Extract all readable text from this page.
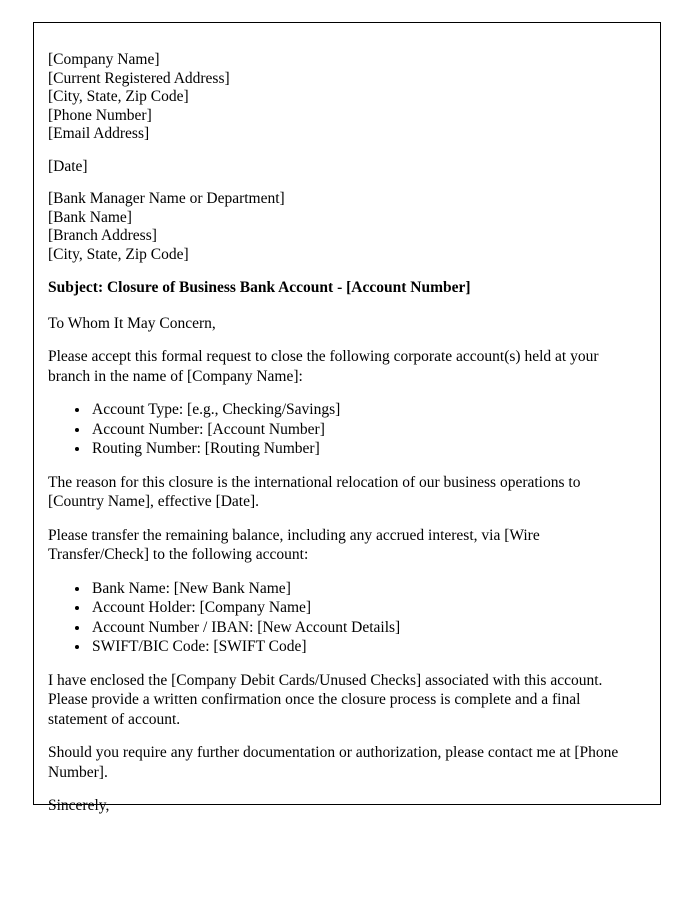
[Company Name]
[Current Registered Address]
[City, State, Zip Code]
[Phone Number]
[Email Address]
[Date]
[Bank Manager Name or Department]
[Bank Name]
[Branch Address]
[City, State, Zip Code]
Subject: Closure of Business Bank Account - [Account Number]
To Whom It May Concern,
Please accept this formal request to close the following corporate account(s) held at your branch in the name of [Company Name]:
• Account Type: [e.g., Checking/Savings]
• Account Number: [Account Number]
• Routing Number: [Routing Number]
The reason for this closure is the international relocation of our business operations to [Country Name], effective [Date].
Please transfer the remaining balance, including any accrued interest, via [Wire Transfer/Check] to the following account:
• Bank Name: [New Bank Name]
• Account Holder: [Company Name]
• Account Number / IBAN: [New Account Details]
• SWIFT/BIC Code: [SWIFT Code]
I have enclosed the [Company Debit Cards/Unused Checks] associated with this account. Please provide a written confirmation once the closure process is complete and a final statement of account.
Should you require any further documentation or authorization, please contact me at [Phone Number].
Sincerely,
